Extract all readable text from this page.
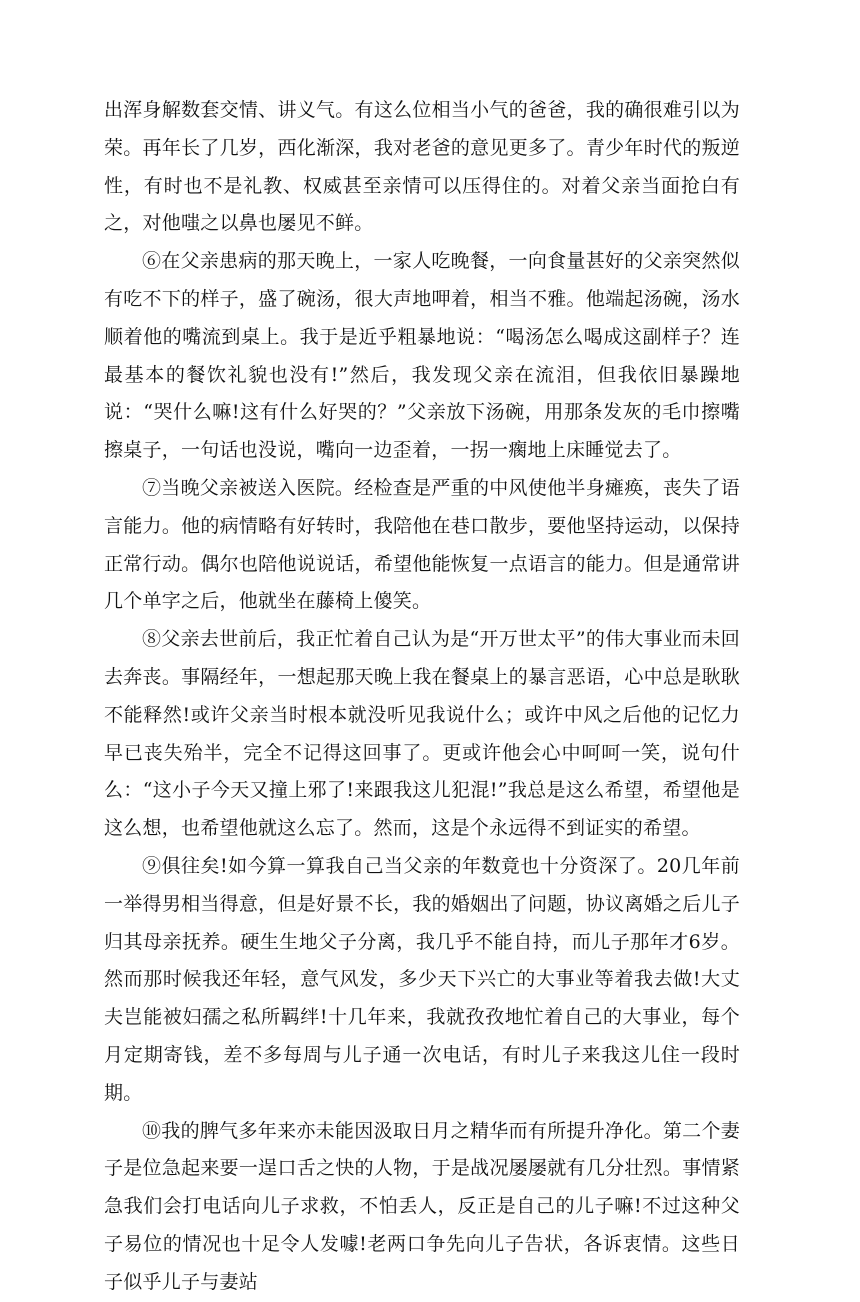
出浑身解数套交情、讲义气。有这么位相当小气的爸爸，我的确很难引以为荣。再年长了几岁，西化渐深，我对老爸的意见更多了。青少年时代的叛逆性，有时也不是礼教、权威甚至亲情可以压得住的。对着父亲当面抢白有之，对他嗤之以鼻也屡见不鲜。

⑥在父亲患病的那天晚上，一家人吃晚餐，一向食量甚好的父亲突然似有吃不下的样子，盛了碗汤，很大声地呷着，相当不雅。他端起汤碗，汤水顺着他的嘴流到桌上。我于是近乎粗暴地说：“喝汤怎么喝成这副样子？连最基本的餐饮礼貌也没有!”然后，我发现父亲在流泪，但我依旧暴躁地说：“哭什么嘛!这有什么好哭的？”父亲放下汤碗，用那条发灰的毛巾擦嘴擦桌子，一句话也没说，嘴向一边歪着，一拐一瘸地上床睡觉去了。

⑦当晚父亲被送入医院。经检查是严重的中风使他半身瘫痪，丧失了语言能力。他的病情略有好转时，我陪他在巷口散步，要他坚持运动，以保持正常行动。偶尔也陪他说说话，希望他能恢复一点语言的能力。但是通常讲几个单字之后，他就坐在藤椅上傻笑。

⑧父亲去世前后，我正忙着自己认为是“开万世太平”的伟大事业而未回去奔丧。事隔经年，一想起那天晚上我在餐桌上的暴言恶语，心中总是耿耿不能释然!或许父亲当时根本就没听见我说什么；或许中风之后他的记忆力早已丧失殆半，完全不记得这回事了。更或许他会心中呵呵一笑，说句什么：“这小子今天又撞上邪了!来跟我这儿犯混!”我总是这么希望，希望他是这么想，也希望他就这么忘了。然而，这是个永远得不到证实的希望。

⑨俱往矣!如今算一算我自己当父亲的年数竟也十分资深了。20几年前一举得男相当得意，但是好景不长，我的婚姻出了问题，协议离婚之后儿子归其母亲抚养。硬生生地父子分离，我几乎不能自持，而儿子那年才6岁。然而那时候我还年轻，意气风发，多少天下兴亡的大事业等着我去做!大丈夫岂能被妇孺之私所羁绊!十几年来，我就孜孜地忙着自己的大事业，每个月定期寄钱，差不多每周与儿子通一次电话，有时儿子来我这儿住一段时期。

⑩我的脾气多年来亦未能因汲取日月之精华而有所提升净化。第二个妻子是位急起来要一逞口舌之快的人物，于是战况屡屡就有几分壮烈。事情紧急我们会打电话向儿子求救，不怕丢人，反正是自己的儿子嘛!不过这种父子易位的情况也十足令人发噱!老两口争先向儿子告状，各诉衷情。这些日子似乎儿子与妻站
